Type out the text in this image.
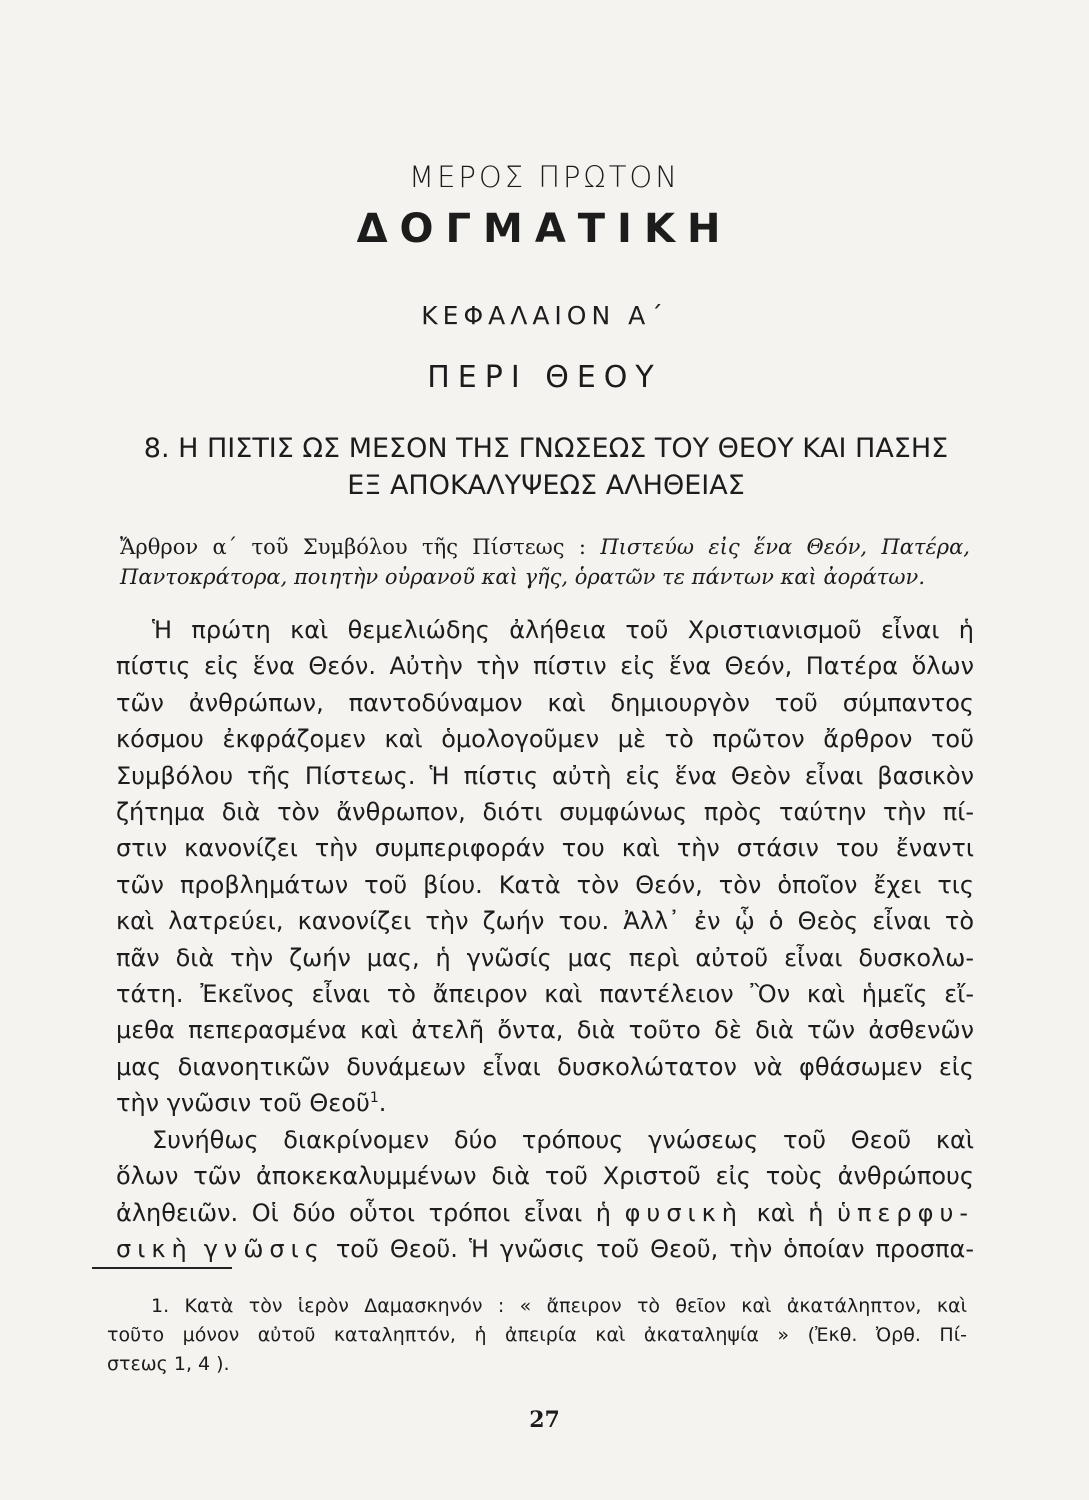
ΜΕΡΟΣ ΠΡΩΤΟΝ
ΔΟΓΜΑΤΙΚΗ
ΚΕΦΑΛΑΙΟΝ Α΄
ΠΕΡΙ ΘΕΟΥ
8. Η ΠΙΣΤΙΣ ΩΣ ΜΕΣΟΝ ΤΗΣ ΓΝΩΣΕΩΣ ΤΟΥ ΘΕΟΥ ΚΑΙ ΠΑΣΗΣ
ΕΞ ΑΠΟΚΑΛΥΨΕΩΣ ΑΛΗΘΕΙΑΣ
Ἄρθρον α΄ τοῦ Συμβόλου τῆς Πίστεως : Πιστεύω εἰς ἕνα Θεόν, Πατέρα,
Παντοκράτορα, ποιητὴν οὐρανοῦ καὶ γῆς, ὁρατῶν τε πάντων καὶ ἀοράτων.

Ἡ πρώτη καὶ θεμελιώδης ἀλήθεια τοῦ Χριστιανισμοῦ εἶναι ἡ
πίστις εἰς ἕνα Θεόν. Αὐτὴν τὴν πίστιν εἰς ἕνα Θεόν, Πατέρα ὅλων
τῶν ἀνθρώπων, παντοδύναμον καὶ δημιουργὸν τοῦ σύμπαντος
κόσμου ἐκφράζομεν καὶ ὁμολογοῦμεν μὲ τὸ πρῶτον ἄρθρον τοῦ
Συμβόλου τῆς Πίστεως. Ἡ πίστις αὐτὴ εἰς ἕνα Θεὸν εἶναι βασικὸν
ζήτημα διὰ τὸν ἄνθρωπον, διότι συμφώνως πρὸς ταύτην τὴν πί-
στιν κανονίζει τὴν συμπεριφοράν του καὶ τὴν στάσιν του ἔναντι
τῶν προβλημάτων τοῦ βίου. Κατὰ τὸν Θεόν, τὸν ὁποῖον ἔχει τις
καὶ λατρεύει, κανονίζει τὴν ζωήν του. Ἀλλ᾽ ἐν ᾧ ὁ Θεὸς εἶναι τὸ
πᾶν διὰ τὴν ζωήν μας, ἡ γνῶσίς μας περὶ αὐτοῦ εἶναι δυσκολω-
τάτη. Ἐκεῖνος εἶναι τὸ ἄπειρον καὶ παντέλειον Ὂν καὶ ἡμεῖς εἴ-
μεθα πεπερασμένα καὶ ἀτελῆ ὄντα, διὰ τοῦτο δὲ διὰ τῶν ἀσθενῶν
μας διανοητικῶν δυνάμεων εἶναι δυσκολώτατον νὰ φθάσωμεν εἰς
τὴν γνῶσιν τοῦ Θεοῦ$^1$.

Συνήθως διακρίνομεν δύο τρόπους γνώσεως τοῦ Θεοῦ καὶ
ὅλων τῶν ἀποκεκαλυμμένων διὰ τοῦ Χριστοῦ εἰς τοὺς ἀνθρώπους
ἀληθειῶν. Οἱ δύο οὗτοι τρόποι εἶναι ἡ φυσικὴ καὶ ἡ ὑπερφυ-
σικὴ γνῶσις τοῦ Θεοῦ. Ἡ γνῶσις τοῦ Θεοῦ, τὴν ὁποίαν προσπα-

1. Κατὰ τὸν ἱερὸν Δαμασκηνόν : « ἄπειρον τὸ θεῖον καὶ ἀκατάληπτον, καὶ
τοῦτο μόνον αὐτοῦ καταληπτόν, ἡ ἀπειρία καὶ ἀκαταληψία » (Ἐκθ. Ὀρθ. Πί-
στεως 1, 4 ).
27
